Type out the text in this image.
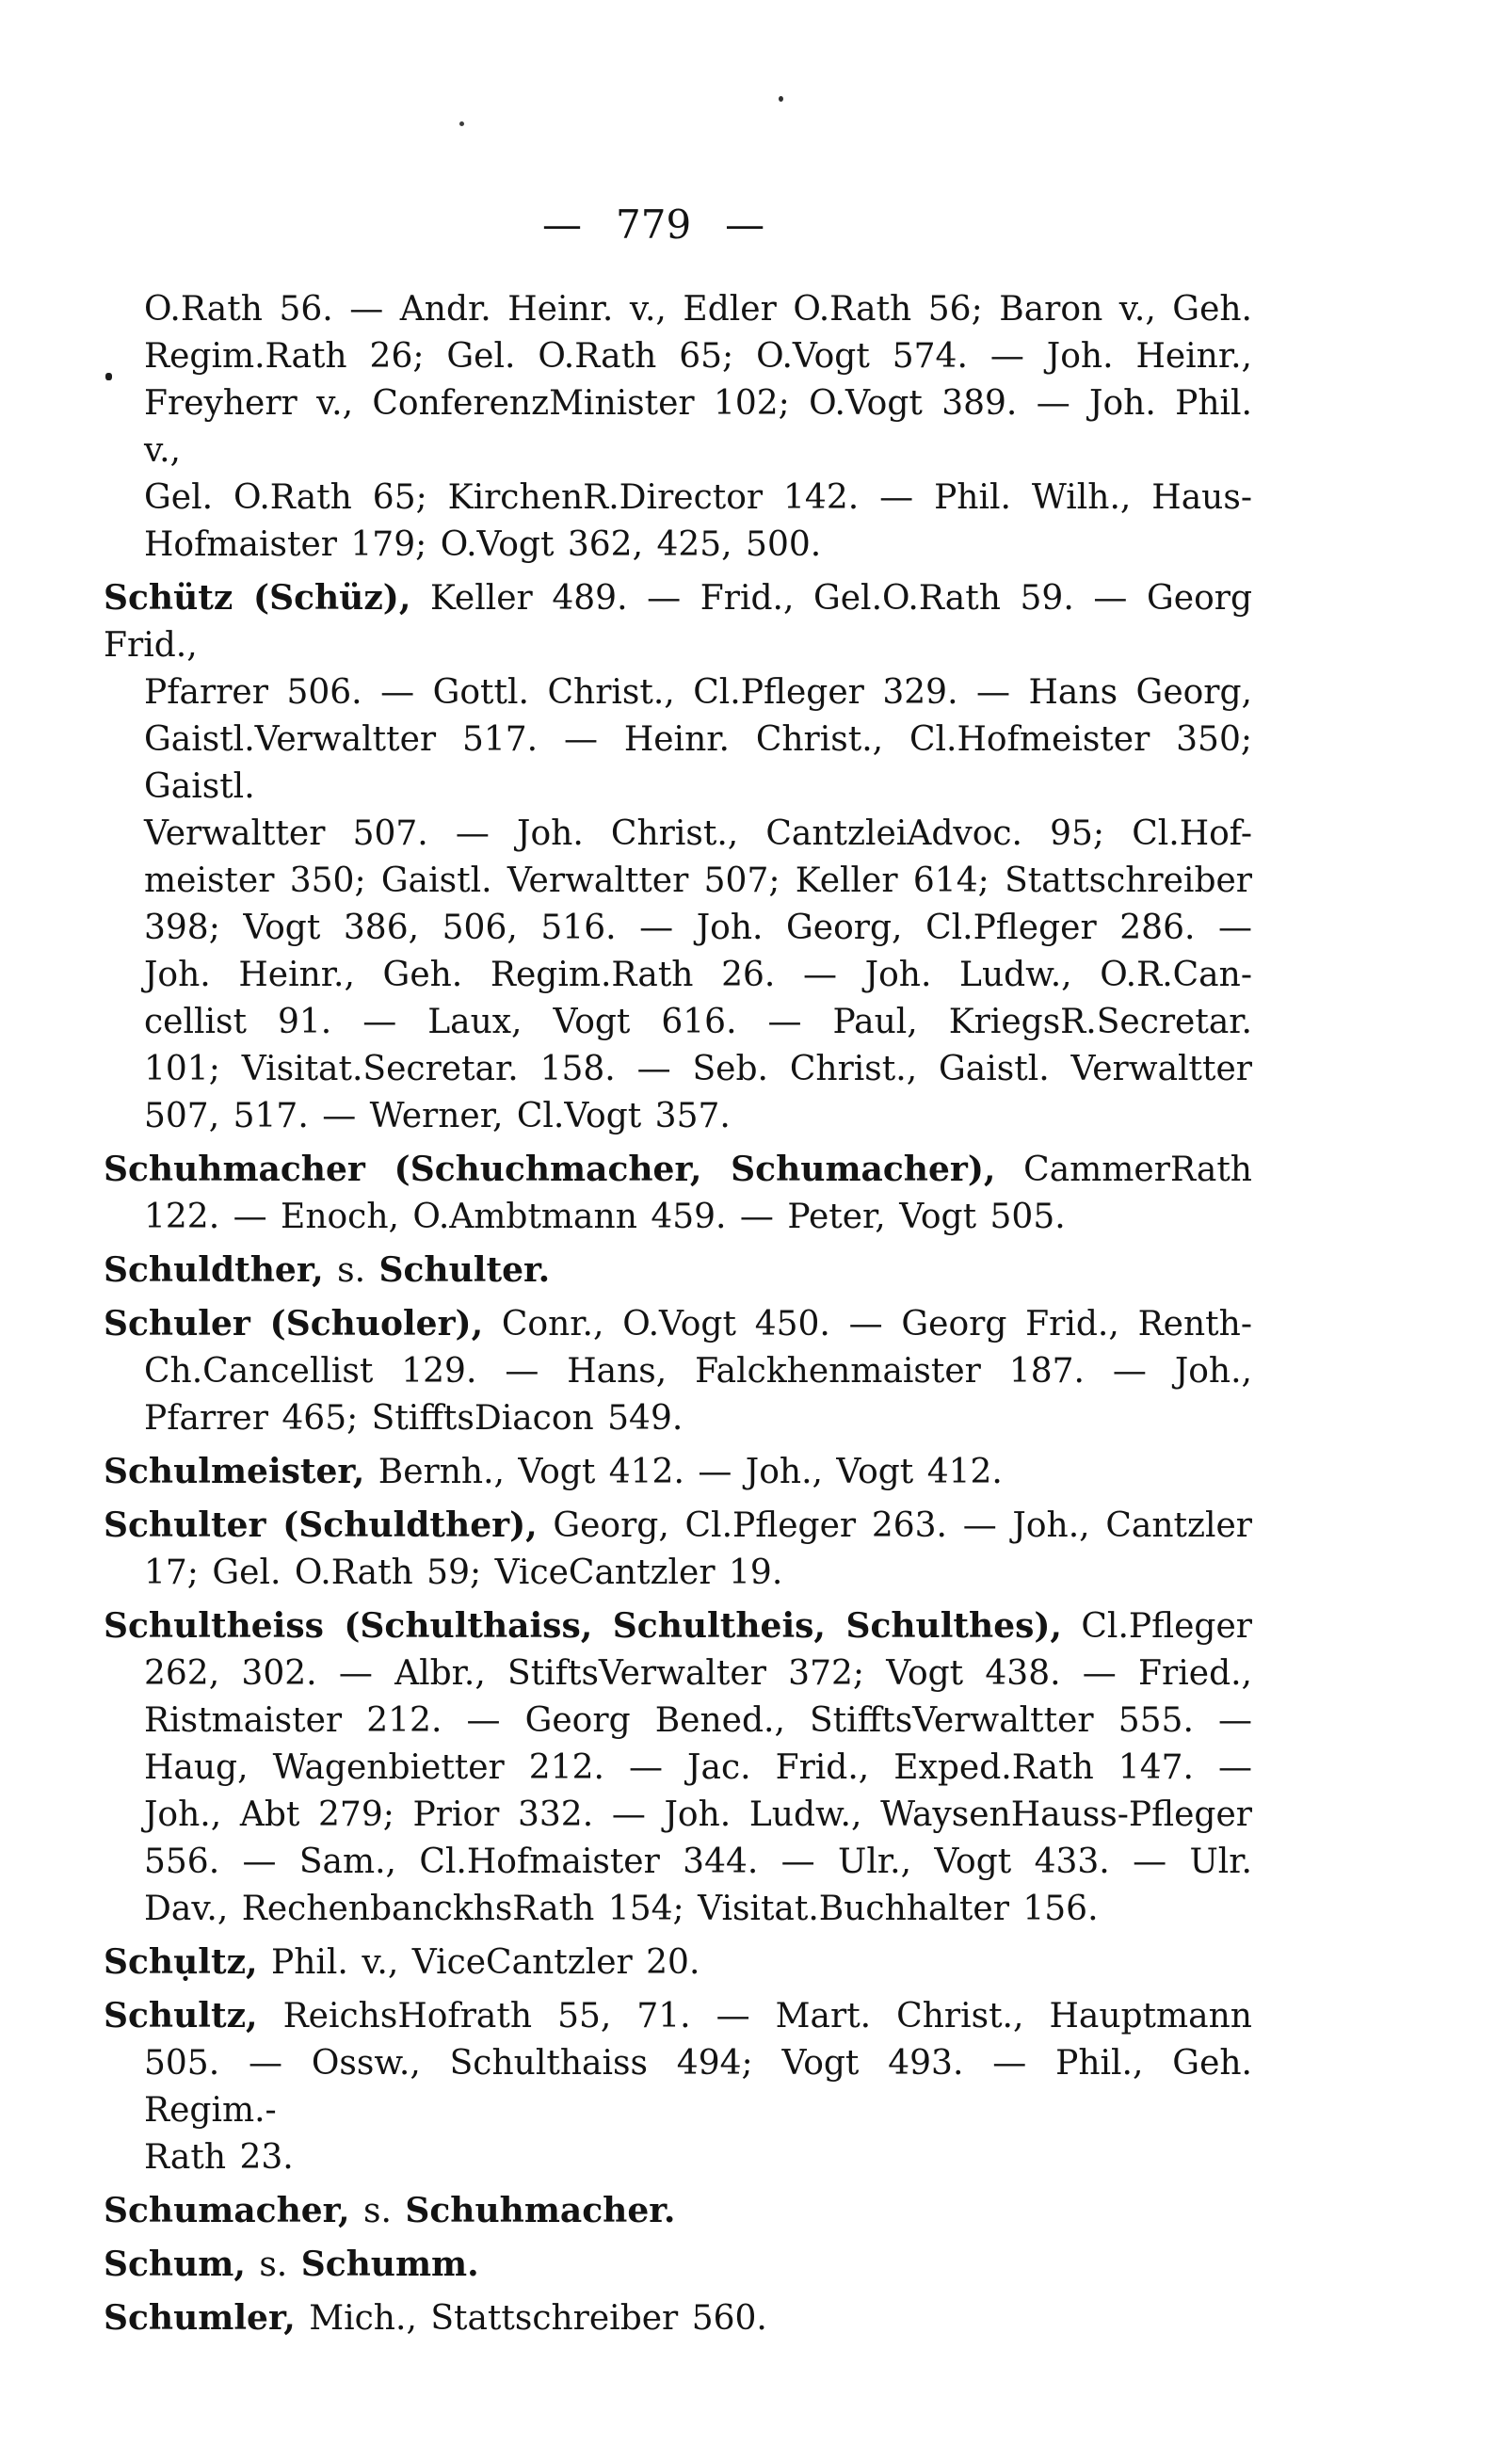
— 779 —
O.Rath 56. — Andr. Heinr. v., Edler O.Rath 56; Baron v., Geh.
Regim.Rath 26; Gel. O.Rath 65; O.Vogt 574. — Joh. Heinr.,
Freyherr v., ConferenzMinister 102; O.Vogt 389. — Joh. Phil. v.,
Gel. O.Rath 65; KirchenR.Director 142. — Phil. Wilh., Haus-
Hofmaister 179; O.Vogt 362, 425, 500.
Schütz (Schüz), Keller 489. — Frid., Gel.O.Rath 59. — Georg Frid.,
Pfarrer 506. — Gottl. Christ., Cl.Pfleger 329. — Hans Georg,
Gaistl.Verwaltter 517. — Heinr. Christ., Cl.Hofmeister 350; Gaistl.
Verwaltter 507. — Joh. Christ., CantzleiAdvoc. 95; Cl.Hof-
meister 350; Gaistl. Verwaltter 507; Keller 614; Stattschreiber
398; Vogt 386, 506, 516. — Joh. Georg, Cl.Pfleger 286. —
Joh. Heinr., Geh. Regim.Rath 26. — Joh. Ludw., O.R.Can-
cellist 91. — Laux, Vogt 616. — Paul, KriegsR.Secretar.
101; Visitat.Secretar. 158. — Seb. Christ., Gaistl. Verwaltter
507, 517. — Werner, Cl.Vogt 357.
Schuhmacher (Schuchmacher, Schumacher), CammerRath
122. — Enoch, O.Ambtmann 459. — Peter, Vogt 505.
Schuldther, s. Schulter.
Schuler (Schuoler), Conr., O.Vogt 450. — Georg Frid., Renth-
Ch.Cancellist 129. — Hans, Falckhenmaister 187. — Joh.,
Pfarrer 465; StifftsDiacon 549.
Schulmeister, Bernh., Vogt 412. — Joh., Vogt 412.
Schulter (Schuldther), Georg, Cl.Pfleger 263. — Joh., Cantzler
17; Gel. O.Rath 59; ViceCantzler 19.
Schultheiss (Schulthaiss, Schultheis, Schulthes), Cl.Pfleger
262, 302. — Albr., StiftsVerwalter 372; Vogt 438. — Fried.,
Ristmaister 212. — Georg Bened., StifftsVerwaltter 555. —
Haug, Wagenbietter 212. — Jac. Frid., Exped.Rath 147. —
Joh., Abt 279; Prior 332. — Joh. Ludw., WaysenHauss-Pfleger
556. — Sam., Cl.Hofmaister 344. — Ulr., Vogt 433. — Ulr.
Dav., RechenbanckhsRath 154; Visitat.Buchhalter 156.
Schụltz, Phil. v., ViceCantzler 20.
Schultz, ReichsHofrath 55, 71. — Mart. Christ., Hauptmann
505. — Ossw., Schulthaiss 494; Vogt 493. — Phil., Geh. Regim.-
Rath 23.
Schumacher, s. Schuhmacher.
Schum, s. Schumm.
Schumler, Mich., Stattschreiber 560.
